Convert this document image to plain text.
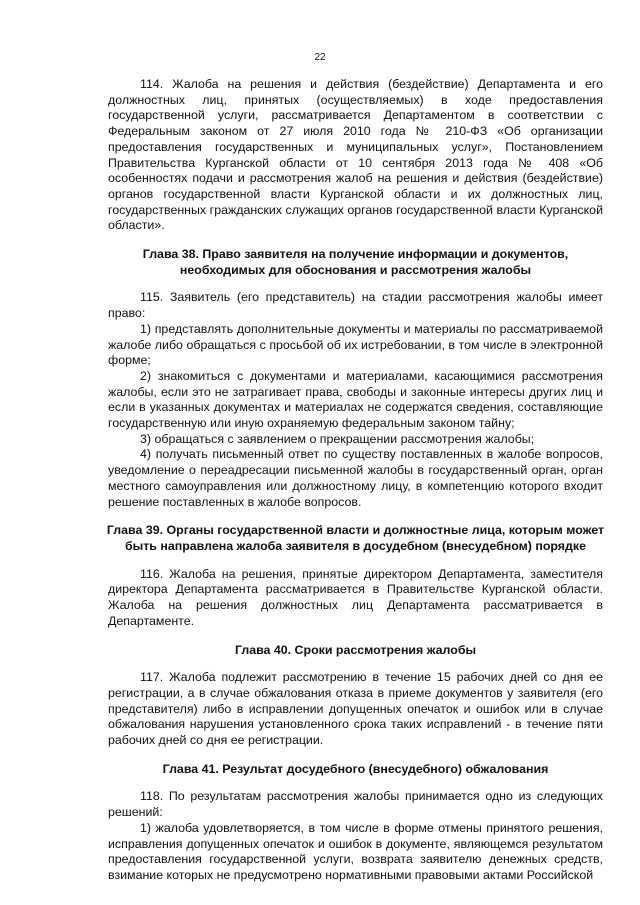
22

114. Жалоба на решения и действия (бездействие) Департамента и его должностных лиц, принятых (осуществляемых) в ходе предоставления государственной услуги, рассматривается Департаментом в соответствии с Федеральным законом от 27 июля 2010 года № 210-ФЗ «Об организации предоставления государственных и муниципальных услуг», Постановлением Правительства Курганской области от 10 сентября 2013 года № 408 «Об особенностях подачи и рассмотрения жалоб на решения и действия (бездействие) органов государственной власти Курганской области и их должностных лиц, государственных гражданских служащих органов государственной власти Курганской области».

Глава 38. Право заявителя на получение информации и документов,
необходимых для обоснования и рассмотрения жалобы

115. Заявитель (его представитель) на стадии рассмотрения жалобы имеет право:

1) представлять дополнительные документы и материалы по рассматриваемой жалобе либо обращаться с просьбой об их истребовании, в том числе в электронной форме;

2) знакомиться с документами и материалами, касающимися рассмотрения жалобы, если это не затрагивает права, свободы и законные интересы других лиц и если в указанных документах и материалах не содержатся сведения, составляющие государственную или иную охраняемую федеральным законом тайну;

3) обращаться с заявлением о прекращении рассмотрения жалобы;

4) получать письменный ответ по существу поставленных в жалобе вопросов, уведомление о переадресации письменной жалобы в государственный орган, орган местного самоуправления или должностному лицу, в компетенцию которого входит решение поставленных в жалобе вопросов.

Глава 39. Органы государственной власти и должностные лица, которым может
быть направлена жалоба заявителя в досудебном (внесудебном) порядке

116. Жалоба на решения, принятые директором Департамента, заместителя директора Департамента рассматривается в Правительстве Курганской области. Жалоба на решения должностных лиц Департамента рассматривается в Департаменте.

Глава 40. Сроки рассмотрения жалобы

117. Жалоба подлежит рассмотрению в течение 15 рабочих дней со дня ее регистрации, а в случае обжалования отказа в приеме документов у заявителя (его представителя) либо в исправлении допущенных опечаток и ошибок или в случае обжалования нарушения установленного срока таких исправлений - в течение пяти рабочих дней со дня ее регистрации.

Глава 41. Результат досудебного (внесудебного) обжалования

118. По результатам рассмотрения жалобы принимается одно из следующих решений:

1) жалоба удовлетворяется, в том числе в форме отмены принятого решения, исправления допущенных опечаток и ошибок в документе, являющемся результатом предоставления государственной услуги, возврата заявителю денежных средств, взимание которых не предусмотрено нормативными правовыми актами Российской
